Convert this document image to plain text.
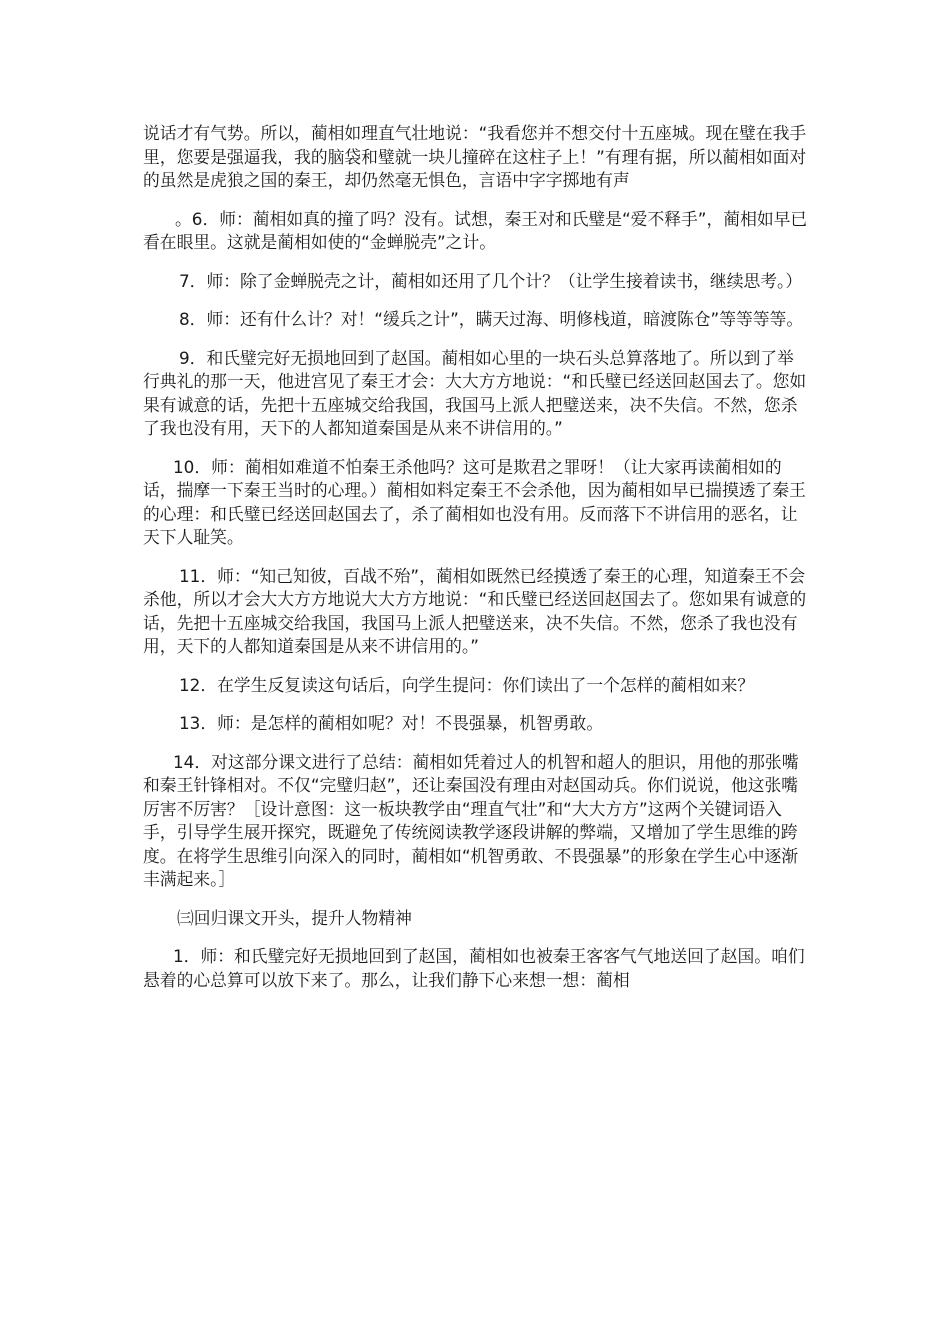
说话才有气势。所以，蔺相如理直气壮地说：“我看您并不想交付十五座城。现在璧在我手里，您要是强逼我，我的脑袋和璧就一块儿撞碎在这柱子上！”有理有据，所以蔺相如面对的虽然是虎狼之国的秦王，却仍然毫无惧色，言语中字字掷地有声

。6．师：蔺相如真的撞了吗？没有。试想，秦王对和氏璧是“爱不释手”，蔺相如早已看在眼里。这就是蔺相如使的“金蝉脱壳”之计。

7．师：除了金蝉脱壳之计，蔺相如还用了几个计？（让学生接着读书，继续思考。）

8．师：还有什么计？对！“缓兵之计”，瞒天过海、明修栈道，暗渡陈仓”等等等等。

9．和氏璧完好无损地回到了赵国。蔺相如心里的一块石头总算落地了。所以到了举行典礼的那一天，他进宫见了秦王才会：大大方方地说：“和氏璧已经送回赵国去了。您如果有诚意的话，先把十五座城交给我国，我国马上派人把璧送来，决不失信。不然，您杀了我也没有用，天下的人都知道秦国是从来不讲信用的。”

10．师：蔺相如难道不怕秦王杀他吗？这可是欺君之罪呀！（让大家再读蔺相如的话，揣摩一下秦王当时的心理。）蔺相如料定秦王不会杀他，因为蔺相如早已揣摸透了秦王的心理：和氏璧已经送回赵国去了，杀了蔺相如也没有用。反而落下不讲信用的恶名，让天下人耻笑。

11．师：“知己知彼，百战不殆”，蔺相如既然已经摸透了秦王的心理，知道秦王不会杀他，所以才会大大方方地说大大方方地说：“和氏璧已经送回赵国去了。您如果有诚意的话，先把十五座城交给我国，我国马上派人把璧送来，决不失信。不然，您杀了我也没有用，天下的人都知道秦国是从来不讲信用的。”

12．在学生反复读这句话后，向学生提问：你们读出了一个怎样的蔺相如来？

13．师：是怎样的蔺相如呢？对！不畏强暴，机智勇敢。

14．对这部分课文进行了总结：蔺相如凭着过人的机智和超人的胆识，用他的那张嘴和秦王针锋相对。不仅“完璧归赵”，还让秦国没有理由对赵国动兵。你们说说，他这张嘴厉害不厉害？［设计意图：这一板块教学由“理直气壮”和“大大方方”这两个关键词语入手，引导学生展开探究，既避免了传统阅读教学逐段讲解的弊端，又增加了学生思维的跨度。在将学生思维引向深入的同时，蔺相如“机智勇敢、不畏强暴”的形象在学生心中逐渐丰满起来。］

㈢回归课文开头，提升人物精神

1．师：和氏璧完好无损地回到了赵国，蔺相如也被秦王客客气气地送回了赵国。咱们悬着的心总算可以放下来了。那么，让我们静下心来想一想：蔺相
